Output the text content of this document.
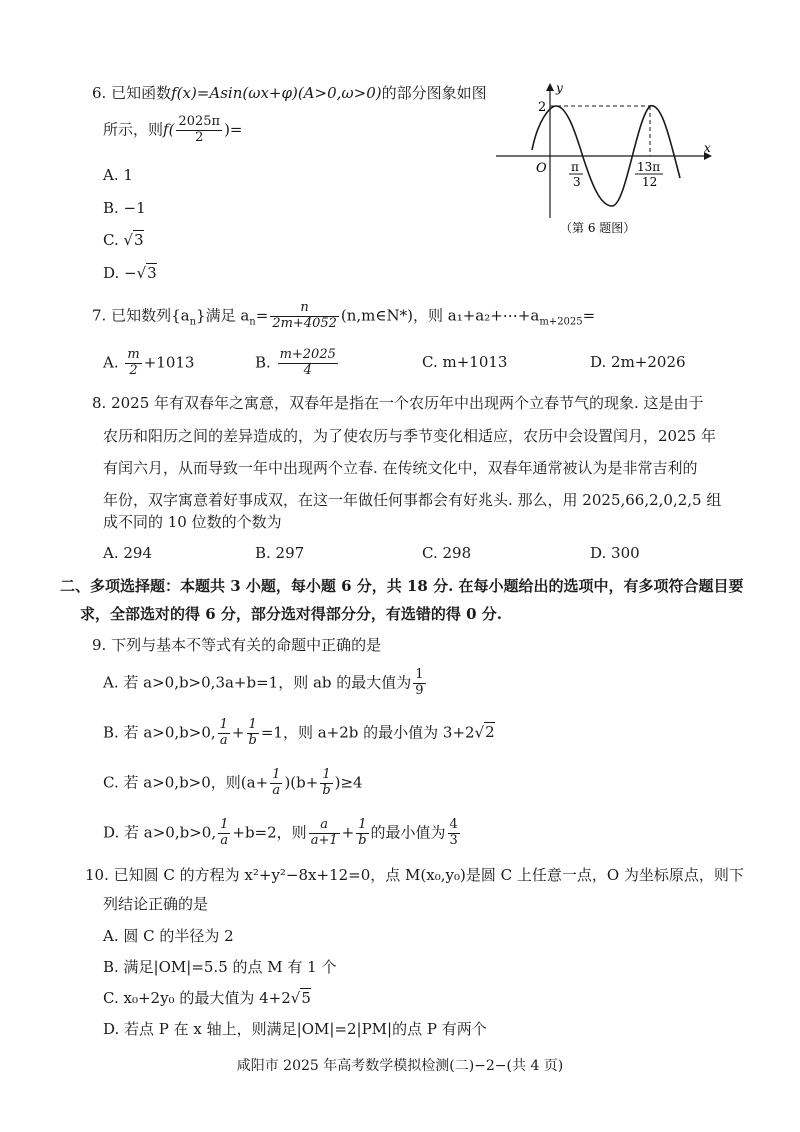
6. 已知函数f(x)=Asin(ωx+φ)(A>0,ω>0)的部分图象如图
所示，则$f( \frac{2025\pi}{2}$ )=
A. 1
B. −1
C. √3
D. −√3
y
x
2
O π
3
13π
12
（第 6 题图）
7. 已知数列$\{a_n\}$满足 $a_n= \frac{n}{2m+4052}$ (n,m∈N*)，则 $a_1+a_2+\cdots+a_{m+2025}=$
A. $\frac{m}{2} +1013$	B. $\frac{m+2025}{4}$	C. m+1013	D. 2m+2026
8. 2025 年有双春年之寓意，双春年是指在一个农历年中出现两个立春节气的现象. 这是由于
农历和阳历之间的差异造成的，为了使农历与季节变化相适应，农历中会设置闰月，2025 年
有闰六月，从而导致一年中出现两个立春. 在传统文化中，双春年通常被认为是非常吉利的
年份，双字寓意着好事成双，在这一年做任何事都会有好兆头. 那么，用 2025,66,2,0,2,5 组
成不同的 10 位数的个数为
A. 294	B. 297	C. 298	D. 300
二、多项选择题：本题共 3 小题，每小题 6 分，共 18 分. 在每小题给出的选项中，有多项符合题目要
求，全部选对的得 6 分，部分选对得部分分，有选错的得 0 分.
9. 下列与基本不等式有关的命题中正确的是
A. 若 a>0,b>0,3a+b=1，则 ab 的最大值为 $\frac{1}{9}$
B. 若 a>0,b>0, $\frac{1}{a} + \frac{1}{b} =1$，则 a+2b 的最小值为 3+2√2
C. 若 a>0,b>0，则$(a+ \frac{1}{a} )(b+ \frac{1}{b} )\ge 4$
D. 若 a>0,b>0, $\frac{1}{a} +b=2$，则 $\frac{a}{a+1} + \frac{1}{b}$ 的最小值为 $\frac{4}{3}$
10. 已知圆 C 的方程为 x²+y²−8x+12=0，点 M(x₀,y₀)是圆 C 上任意一点，O 为坐标原点，则下
列结论正确的是
A. 圆 C 的半径为 2
B. 满足|OM|=5.5 的点 M 有 1 个
C. x₀+2y₀ 的最大值为 4+2√5
D. 若点 P 在 x 轴上，则满足|OM|=2|PM|的点 P 有两个
咸阳市 2025 年高考数学模拟检测(二)−2−(共 4 页)
